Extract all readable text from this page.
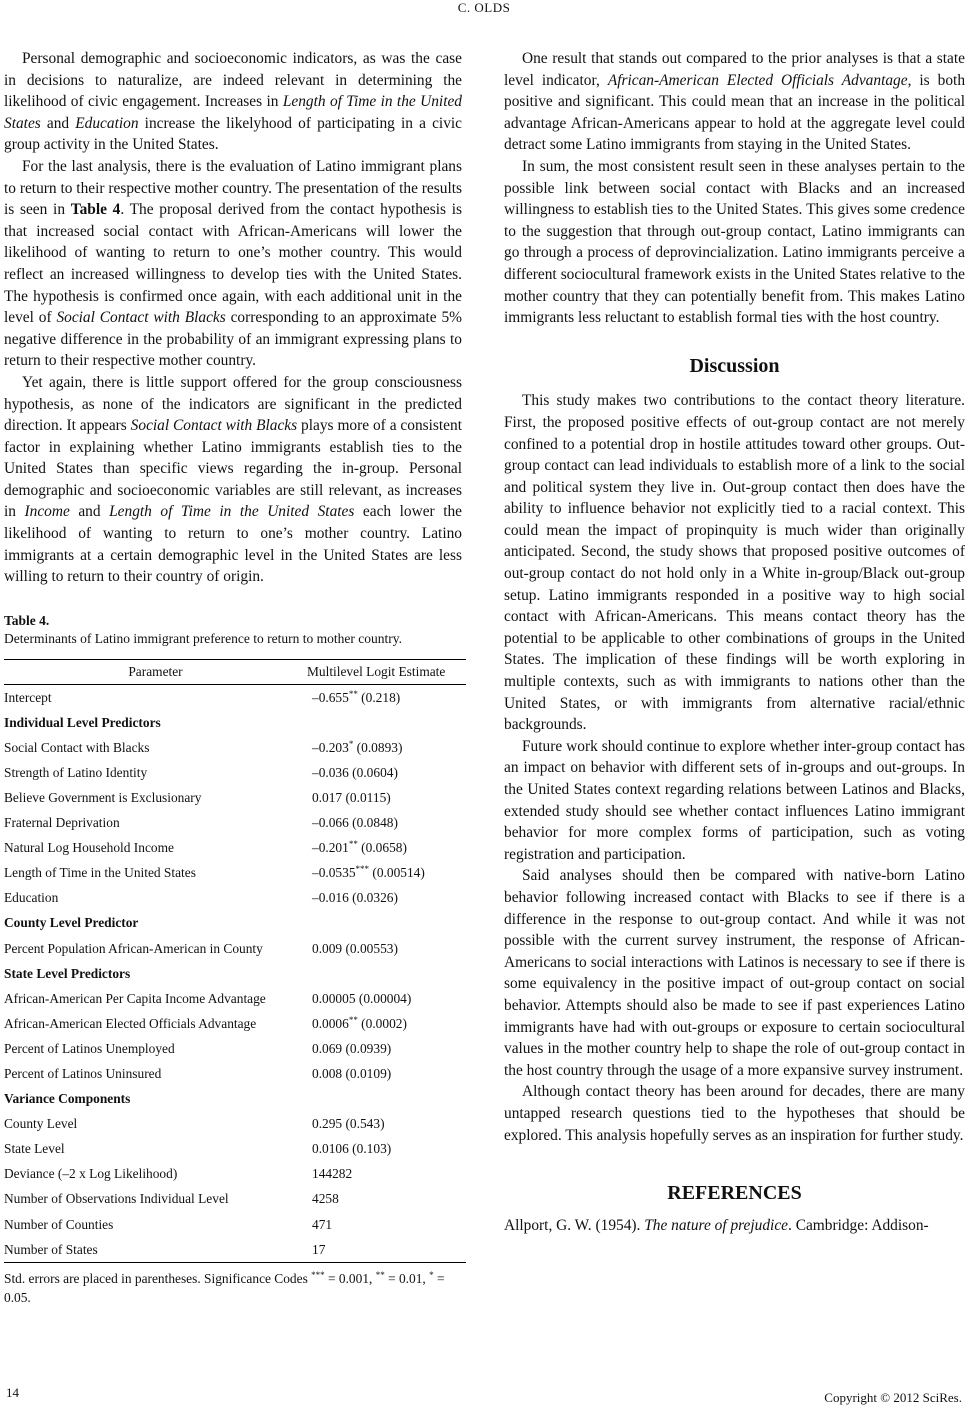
C. OLDS

Personal demographic and socioeconomic indicators, as was the case in decisions to naturalize, are indeed relevant in determining the likelihood of civic engagement. Increases in Length of Time in the United States and Education increase the likelyhood of participating in a civic group activity in the United States.

For the last analysis, there is the evaluation of Latino immigrant plans to return to their respective mother country. The presentation of the results is seen in Table 4. The proposal derived from the contact hypothesis is that increased social contact with African-Americans will lower the likelihood of wanting to return to one’s mother country. This would reflect an increased willingness to develop ties with the United States. The hypothesis is confirmed once again, with each additional unit in the level of Social Contact with Blacks corresponding to an approximate 5% negative difference in the probability of an immigrant expressing plans to return to their respective mother country.

Yet again, there is little support offered for the group consciousness hypothesis, as none of the indicators are significant in the predicted direction. It appears Social Contact with Blacks plays more of a consistent factor in explaining whether Latino immigrants establish ties to the United States than specific views regarding the in-group. Personal demographic and socioeconomic variables are still relevant, as increases in Income and Length of Time in the United States each lower the likelihood of wanting to return to one’s mother country. Latino immigrants at a certain demographic level in the United States are less willing to return to their country of origin.

Table 4.
Determinants of Latino immigrant preference to return to mother country.
Parameter	Multilevel Logit Estimate
Intercept	–0.655** (0.218)
Individual Level Predictors	
Social Contact with Blacks	–0.203* (0.0893)
Strength of Latino Identity	–0.036 (0.0604)
Believe Government is Exclusionary	0.017 (0.0115)
Fraternal Deprivation	–0.066 (0.0848)
Natural Log Household Income	–0.201** (0.0658)
Length of Time in the United States	–0.0535*** (0.00514)
Education	–0.016 (0.0326)
County Level Predictor	
Percent Population African-American in County	0.009 (0.00553)
State Level Predictors	
African-American Per Capita Income Advantage	0.00005 (0.00004)
African-American Elected Officials Advantage	0.0006** (0.0002)
Percent of Latinos Unemployed	0.069 (0.0939)
Percent of Latinos Uninsured	0.008 (0.0109)
Variance Components	
County Level	0.295 (0.543)
State Level	0.0106 (0.103)
Deviance (–2 x Log Likelihood)	144282
Number of Observations Individual Level	4258
Number of Counties	471
Number of States	17
Std. errors are placed in parentheses. Significance Codes *** = 0.001, ** = 0.01, * = 0.05.

One result that stands out compared to the prior analyses is that a state level indicator, African-American Elected Officials Advantage, is both positive and significant. This could mean that an increase in the political advantage African-Americans appear to hold at the aggregate level could detract some Latino immigrants from staying in the United States.

In sum, the most consistent result seen in these analyses pertain to the possible link between social contact with Blacks and an increased willingness to establish ties to the United States. This gives some credence to the suggestion that through out-group contact, Latino immigrants can go through a process of deprovincialization. Latino immigrants perceive a different sociocultural framework exists in the United States relative to the mother country that they can potentially benefit from. This makes Latino immigrants less reluctant to establish formal ties with the host country.

Discussion

This study makes two contributions to the contact theory literature. First, the proposed positive effects of out-group contact are not merely confined to a potential drop in hostile attitudes toward other groups. Out-group contact can lead individuals to establish more of a link to the social and political system they live in. Out-group contact then does have the ability to influence behavior not explicitly tied to a racial context. This could mean the impact of propinquity is much wider than originally anticipated. Second, the study shows that proposed positive outcomes of out-group contact do not hold only in a White in-group/Black out-group setup. Latino immigrants responded in a positive way to high social contact with African-Americans. This means contact theory has the potential to be applicable to other combinations of groups in the United States. The implication of these findings will be worth exploring in multiple contexts, such as with immigrants to nations other than the United States, or with immigrants from alternative racial/ethnic backgrounds.

Future work should continue to explore whether inter-group contact has an impact on behavior with different sets of in-groups and out-groups. In the United States context regarding relations between Latinos and Blacks, extended study should see whether contact influences Latino immigrant behavior for more complex forms of participation, such as voting registration and participation.

Said analyses should then be compared with native-born Latino behavior following increased contact with Blacks to see if there is a difference in the response to out-group contact. And while it was not possible with the current survey instrument, the response of African-Americans to social interactions with Latinos is necessary to see if there is some equivalency in the positive impact of out-group contact on social behavior. Attempts should also be made to see if past experiences Latino immigrants have had with out-groups or exposure to certain sociocultural values in the mother country help to shape the role of out-group contact in the host country through the usage of a more expansive survey instrument.

Although contact theory has been around for decades, there are many untapped research questions tied to the hypotheses that should be explored. This analysis hopefully serves as an inspiration for further study.

REFERENCES

Allport, G. W. (1954). The nature of prejudice. Cambridge: Addison-

14	Copyright © 2012 SciRes.
